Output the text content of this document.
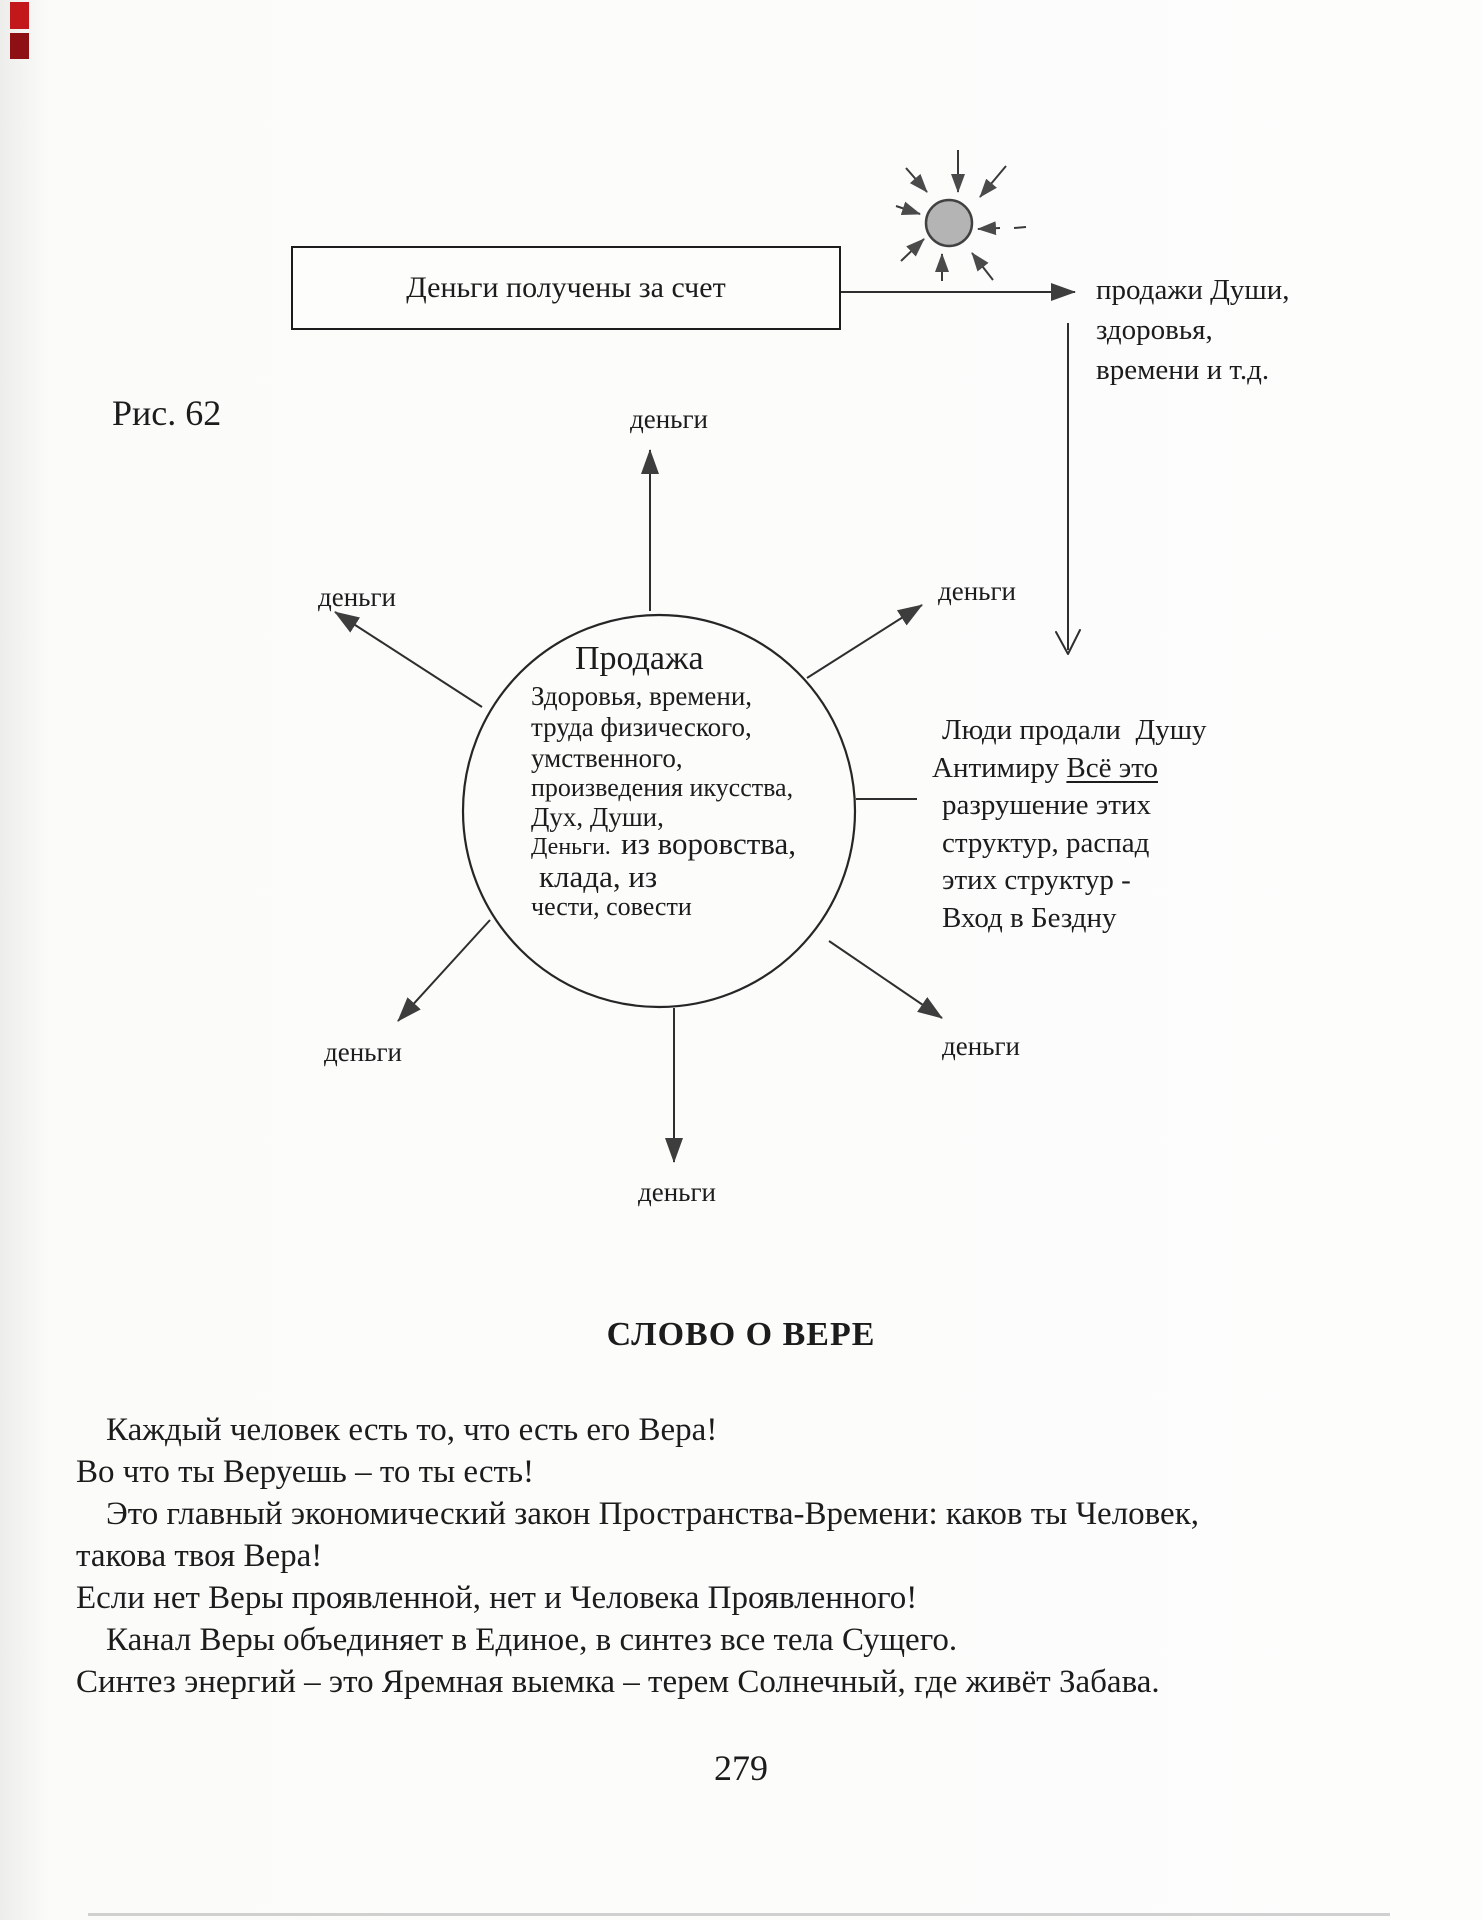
Рис. 62
Деньги получены за счет	продажи Души,
здоровья,
времени и т.д.
деньги
деньги	деньги
деньги	деньги
деньги
Продажа
Здоровья, времени,
труда физического,
умственного,
произведения икусства,
Дух, Души,
Деньги. из воровства,
клада, из
чести, совести
Люди продали  Душу
Антимиру Всё это
разрушение этих
структур, распад
этих структур -
Вход в Бездну
СЛОВО О ВЕРЕ
Каждый человек есть то, что есть его Вера!
Во что ты Веруешь – то ты есть!
Это главный экономический закон Пространства-Времени: каков ты Человек,
такова твоя Вера!
Если нет Веры проявленной, нет и Человека Проявленного!
Канал Веры объединяет в Единое, в синтез все тела Сущего.
Синтез энергий – это Яремная выемка – терем Солнечный, где живёт Забава.
279
